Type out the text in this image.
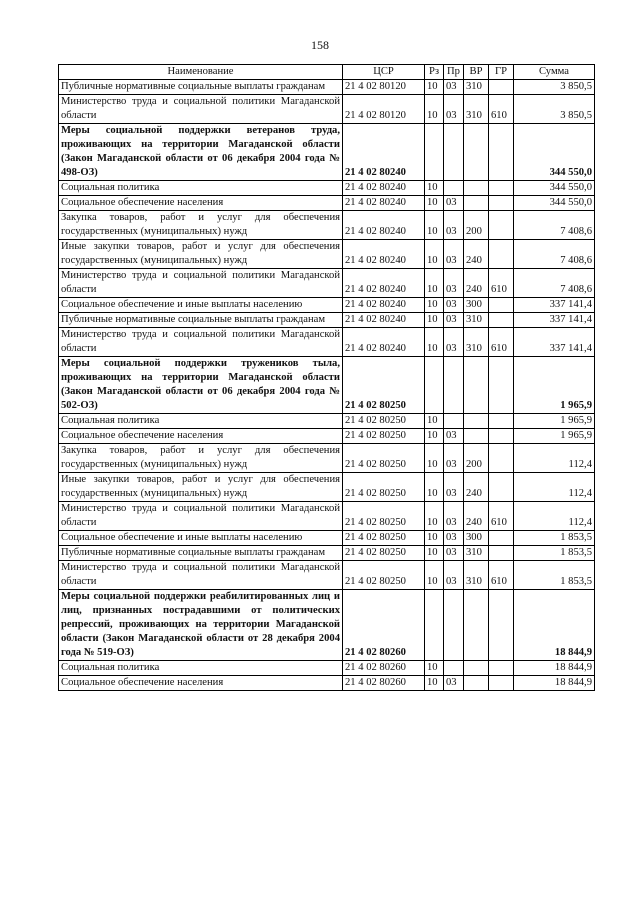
158
Наименование	ЦСР	Рз	Пр	ВР	ГР	Сумма
Публичные нормативные социальные выплаты гражданам	21 4 02 80120	10	03	310		3 850,5
Министерство труда и социальной политики Магаданской области	21 4 02 80120	10	03	310	610	3 850,5
Меры социальной поддержки ветеранов труда, проживающих на территории Магаданской области (Закон Магаданской области от 06 декабря 2004 года № 498-ОЗ)	21 4 02 80240					344 550,0
Социальная политика	21 4 02 80240	10				344 550,0
Социальное обеспечение населения	21 4 02 80240	10	03			344 550,0
Закупка товаров, работ и услуг для обеспечения государственных (муниципальных) нужд	21 4 02 80240	10	03	200		7 408,6
Иные закупки товаров, работ и услуг для обеспечения государственных (муниципальных) нужд	21 4 02 80240	10	03	240		7 408,6
Министерство труда и социальной политики Магаданской области	21 4 02 80240	10	03	240	610	7 408,6
Социальное обеспечение и иные выплаты населению	21 4 02 80240	10	03	300		337 141,4
Публичные нормативные социальные выплаты гражданам	21 4 02 80240	10	03	310		337 141,4
Министерство труда и социальной политики Магаданской области	21 4 02 80240	10	03	310	610	337 141,4
Меры социальной поддержки тружеников тыла, проживающих на территории Магаданской области (Закон Магаданской области от 06 декабря 2004 года № 502-ОЗ)	21 4 02 80250					1 965,9
Социальная политика	21 4 02 80250	10				1 965,9
Социальное обеспечение населения	21 4 02 80250	10	03			1 965,9
Закупка товаров, работ и услуг для обеспечения государственных (муниципальных) нужд	21 4 02 80250	10	03	200		112,4
Иные закупки товаров, работ и услуг для обеспечения государственных (муниципальных) нужд	21 4 02 80250	10	03	240		112,4
Министерство труда и социальной политики Магаданской области	21 4 02 80250	10	03	240	610	112,4
Социальное обеспечение и иные выплаты населению	21 4 02 80250	10	03	300		1 853,5
Публичные нормативные социальные выплаты гражданам	21 4 02 80250	10	03	310		1 853,5
Министерство труда и социальной политики Магаданской области	21 4 02 80250	10	03	310	610	1 853,5
Меры социальной поддержки реабилитированных лиц и лиц, признанных пострадавшими от политических репрессий, проживающих на территории Магаданской области (Закон Магаданской области от 28 декабря 2004 года № 519-ОЗ)	21 4 02 80260					18 844,9
Социальная политика	21 4 02 80260	10				18 844,9
Социальное обеспечение населения	21 4 02 80260	10	03			18 844,9
